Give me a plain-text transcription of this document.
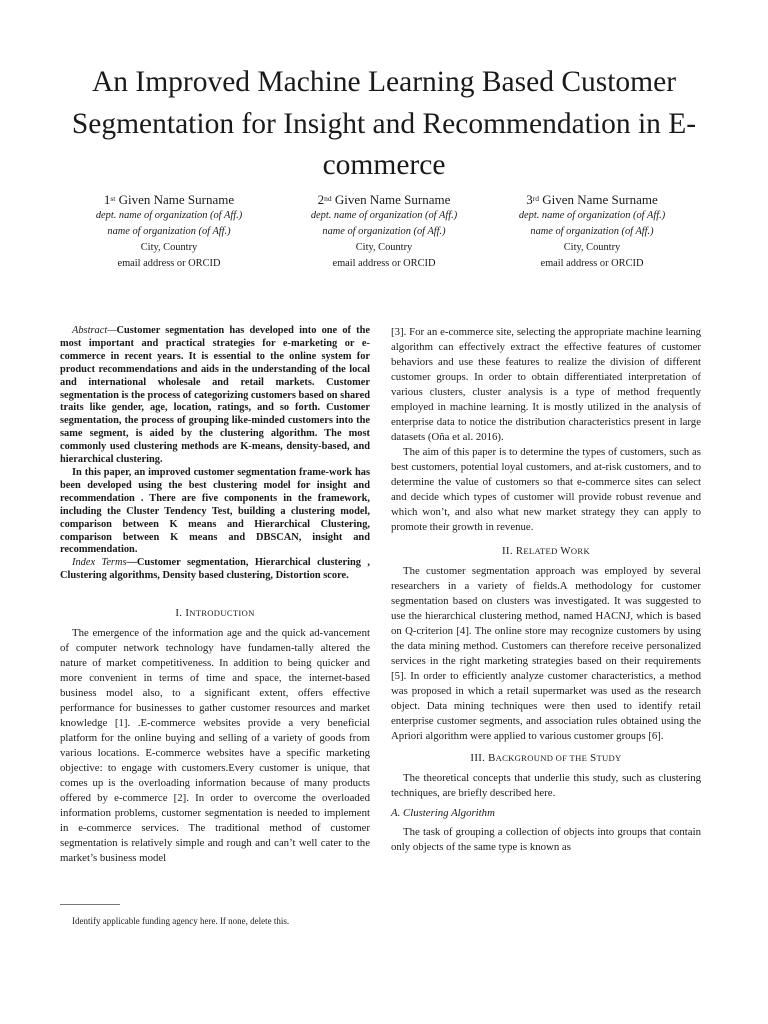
An Improved Machine Learning Based Customer Segmentation for Insight and Recommendation in E-commerce
1st Given Name Surname
dept. name of organization (of Aff.)
name of organization (of Aff.)
City, Country
email address or ORCID
2nd Given Name Surname
dept. name of organization (of Aff.)
name of organization (of Aff.)
City, Country
email address or ORCID
3rd Given Name Surname
dept. name of organization (of Aff.)
name of organization (of Aff.)
City, Country
email address or ORCID

Abstract—Customer segmentation has developed into one of the most important and practical strategies for e-marketing or e-commerce in recent years. It is essential to the online system for product recommendations and aids in the understanding of the local and international wholesale and retail markets. Customer segmentation is the process of categorizing customers based on shared traits like gender, age, location, ratings, and so forth. Customer segmentation, the process of grouping like-minded customers into the same segment, is aided by the clustering algorithm. The most commonly used clustering methods are K-means, density-based, and hierarchical clustering.

In this paper, an improved customer segmentation frame-work has been developed using the best clustering model for insight and recommendation . There are five components in the framework, including the Cluster Tendency Test, building a clustering model, comparison between K means and Hierarchical Clustering, comparison between K means and DBSCAN, insight and recommendation.

Index Terms—Customer segmentation, Hierarchical clustering , Clustering algorithms, Density based clustering, Distortion score.

I. INTRODUCTION

The emergence of the information age and the quick ad-vancement of computer network technology have fundamen-tally altered the nature of market competitiveness. In addition to being quicker and more convenient in terms of time and space, the internet-based business model also, to a significant extent, offers effective performance for businesses to gather customer resources and market knowledge [1]. .E-commerce websites provide a very beneficial platform for the online buying and selling of a variety of goods from various locations. E-commerce websites have a specific marketing objective: to engage with customers.Every customer is unique, that comes up is the overloading information because of many products offered by e-commerce [2]. In order to overcome the overloaded information problems, customer segmentation is needed to implement in e-commerce services. The traditional method of customer segmentation is relatively simple and rough and can’t well cater to the market’s business model

[3]. For an e-commerce site, selecting the appropriate machine learning algorithm can effectively extract the effective features of customer behaviors and use these features to realize the division of different customer groups. In order to obtain differentiated interpretation of various clusters, cluster analysis is a type of method frequently employed in machine learning. It is mostly utilized in the analysis of enterprise data to notice the distribution characteristics present in large datasets (Oña et al. 2016).

The aim of this paper is to determine the types of customers, such as best customers, potential loyal customers, and at-risk customers, and to determine the value of customers so that e-commerce sites can select and decide which types of customer will provide robust revenue and which won’t, and also what new market strategy they can apply to promote their growth in revenue.

II. RELATED WORK

The customer segmentation approach was employed by several researchers in a variety of fields.A methodology for customer segmentation based on clusters was investigated. It was suggested to use the hierarchical clustering method, named HACNJ, which is based on Q-criterion [4]. The online store may recognize customers by using the data mining method. Customers can therefore receive personalized services in the right marketing strategies based on their requirements [5]. In order to efficiently analyze customer characteristics, a method was proposed in which a retail supermarket was used as the research object. Data mining techniques were then used to identify retail enterprise customer segments, and association rules obtained using the Apriori algorithm were applied to various customer groups [6].

III. BACKGROUND OF THE STUDY

The theoretical concepts that underlie this study, such as clustering techniques, are briefly described here.

A. Clustering Algorithm

The task of grouping a collection of objects into groups that contain only objects of the same type is known as

Identify applicable funding agency here. If none, delete this.
